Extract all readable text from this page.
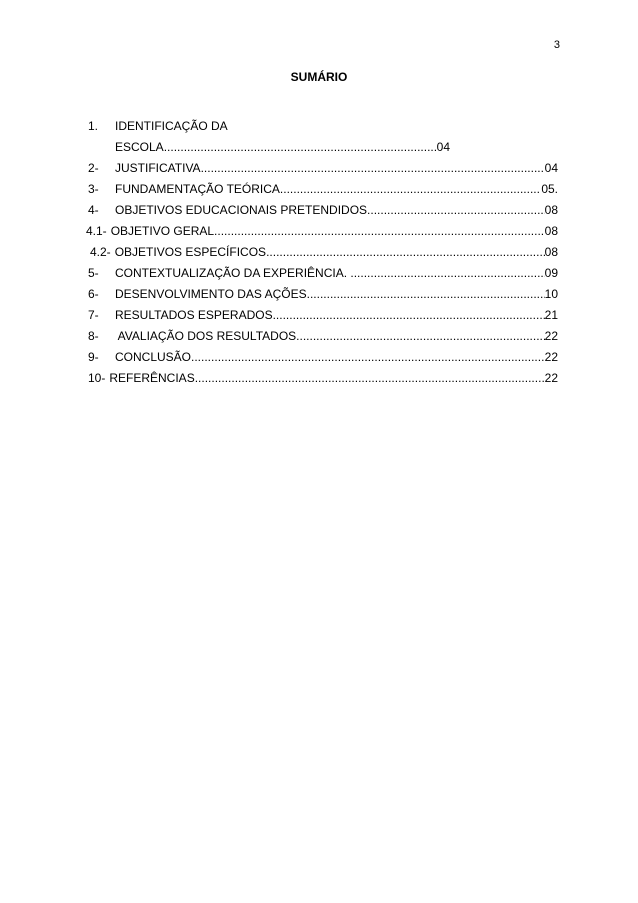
3
SUMÁRIO
1.	IDENTIFICAÇÃO DA
ESCOLA .....	04
2-	JUSTIFICATIVA .....	04
3-	FUNDAMENTAÇÃO TEÓRICA .....	05.
4-	OBJETIVOS EDUCACIONAIS PRETENDIDOS .....	08
4.1- OBJETIVO GERAL .....	08
4.2- OBJETIVOS ESPECÍFICOS .....	08
5-	CONTEXTUALIZAÇÃO DA EXPERIÊNCIA. .....	09
6-	DESENVOLVIMENTO DAS AÇÕES .....	10
7-	RESULTADOS ESPERADOS .....	21
8-	AVALIAÇÃO DOS RESULTADOS .....	22
9-	CONCLUSÃO .....	22
10- REFERÊNCIAS .....	22
